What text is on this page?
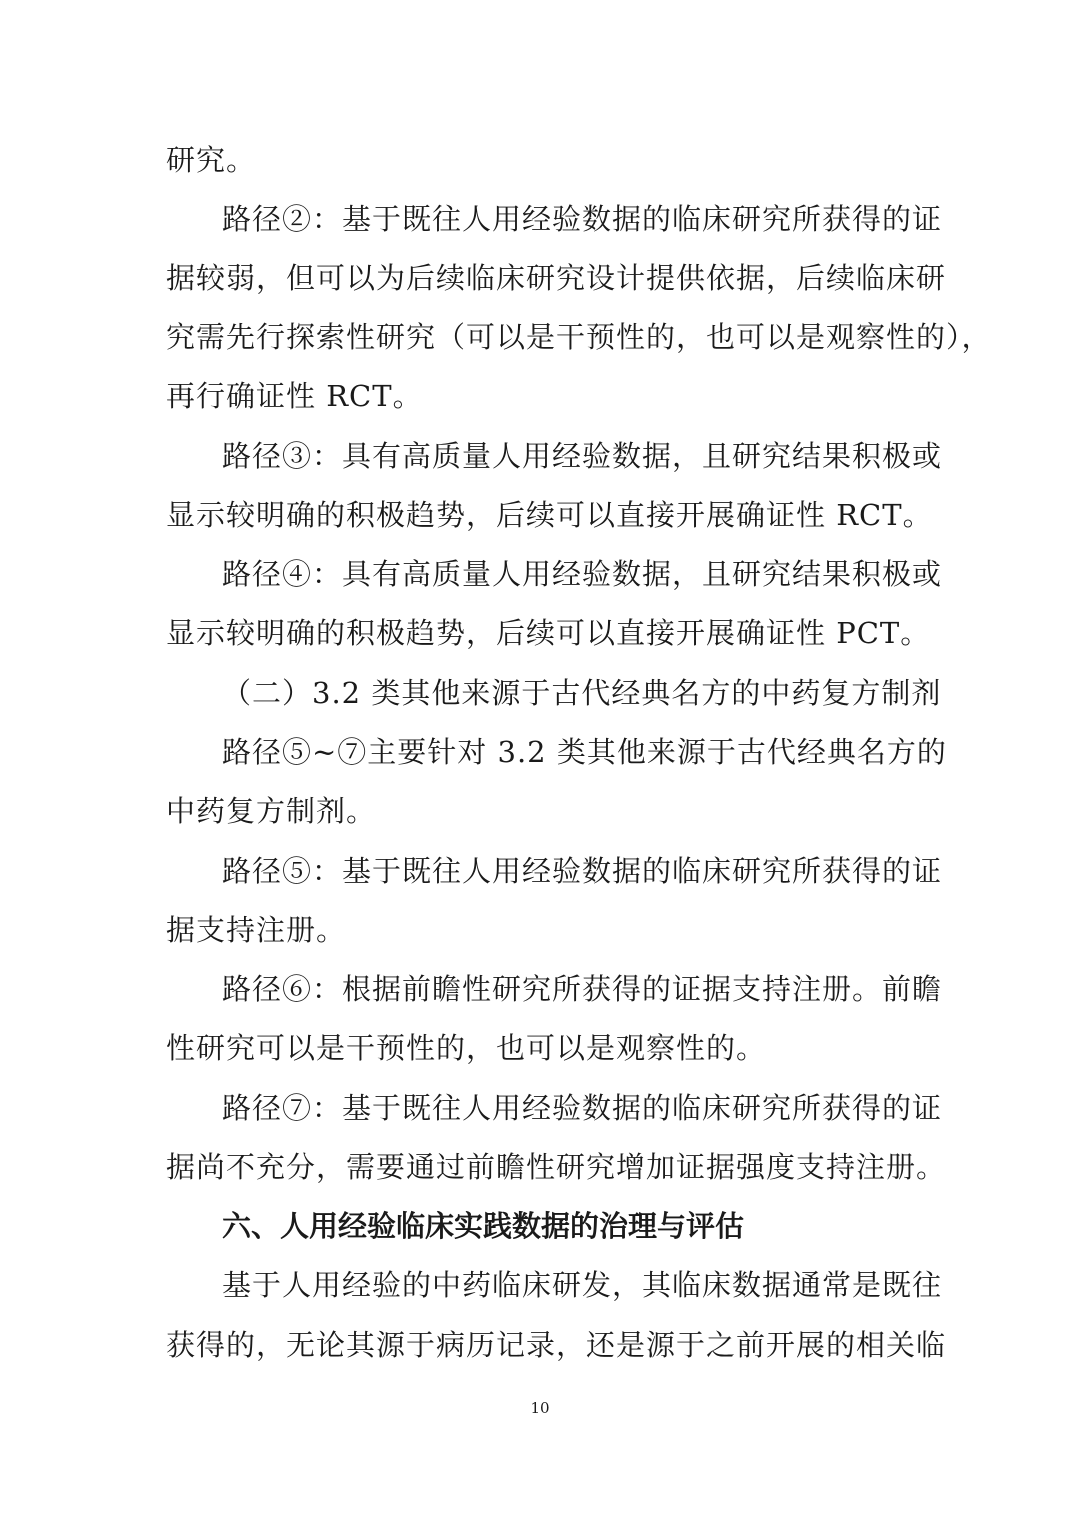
研究。
路径②：基于既往人用经验数据的临床研究所获得的证
据较弱，但可以为后续临床研究设计提供依据，后续临床研
究需先行探索性研究（可以是干预性的，也可以是观察性的），
再行确证性 RCT。
路径③：具有高质量人用经验数据，且研究结果积极或
显示较明确的积极趋势，后续可以直接开展确证性 RCT。
路径④：具有高质量人用经验数据，且研究结果积极或
显示较明确的积极趋势，后续可以直接开展确证性 PCT。
（二）3.2 类其他来源于古代经典名方的中药复方制剂
路径⑤~⑦主要针对 3.2 类其他来源于古代经典名方的
中药复方制剂。
路径⑤：基于既往人用经验数据的临床研究所获得的证
据支持注册。
路径⑥：根据前瞻性研究所获得的证据支持注册。前瞻
性研究可以是干预性的，也可以是观察性的。
路径⑦：基于既往人用经验数据的临床研究所获得的证
据尚不充分，需要通过前瞻性研究增加证据强度支持注册。
六、人用经验临床实践数据的治理与评估
基于人用经验的中药临床研发，其临床数据通常是既往
获得的，无论其源于病历记录，还是源于之前开展的相关临
10
